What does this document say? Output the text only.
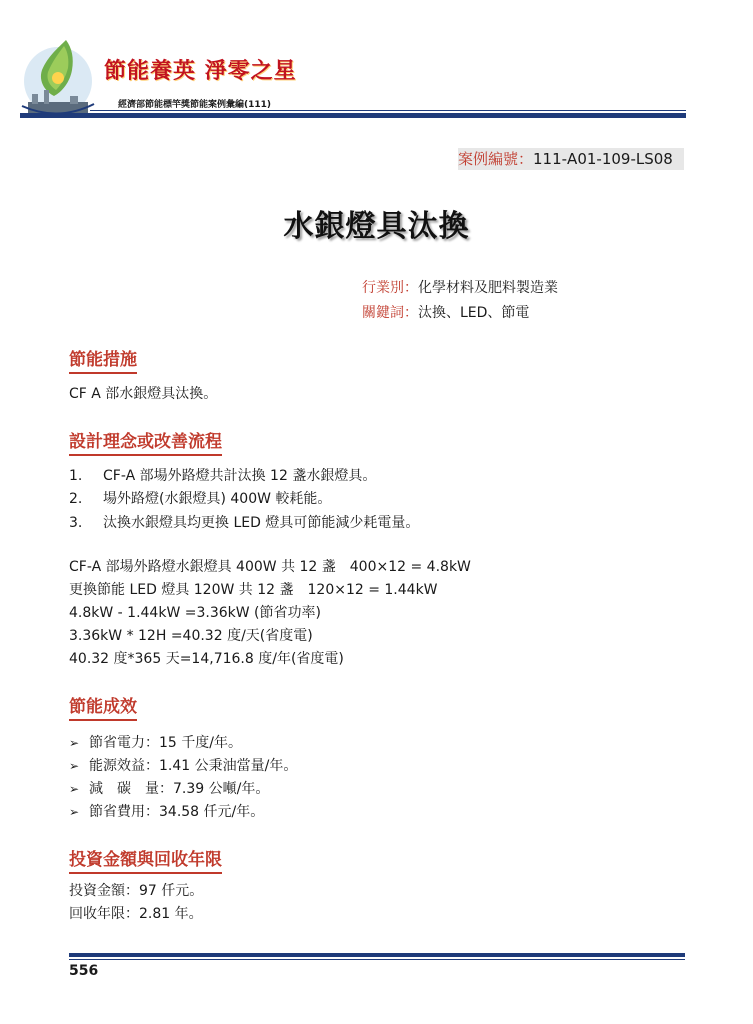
節能養英 淨零之星
經濟部節能標竿獎節能案例彙編(111)
案例編號：111-A01-109-LS08
水銀燈具汰換
行業別：化學材料及肥料製造業
關鍵詞：汰換、LED、節電
節能措施
CF A 部水銀燈具汰換。
設計理念或改善流程
1. CF-A 部場外路燈共計汰換 12 盞水銀燈具。
2. 場外路燈(水銀燈具) 400W 較耗能。
3. 汰換水銀燈具均更換 LED 燈具可節能減少耗電量。
CF-A 部場外路燈水銀燈具 400W 共 12 盞　400×12 = 4.8kW
更換節能 LED 燈具 120W 共 12 盞　120×12 = 1.44kW
4.8kW - 1.44kW =3.36kW (節省功率)
3.36kW * 12H =40.32 度/天(省度電)
40.32 度*365 天=14,716.8 度/年(省度電)
節能成效
➢ 節省電力：15 千度/年。
➢ 能源效益：1.41 公秉油當量/年。
➢ 減　碳　量：7.39 公噸/年。
➢ 節省費用：34.58 仟元/年。
投資金額與回收年限
投資金額：97 仟元。
回收年限：2.81 年。
556
